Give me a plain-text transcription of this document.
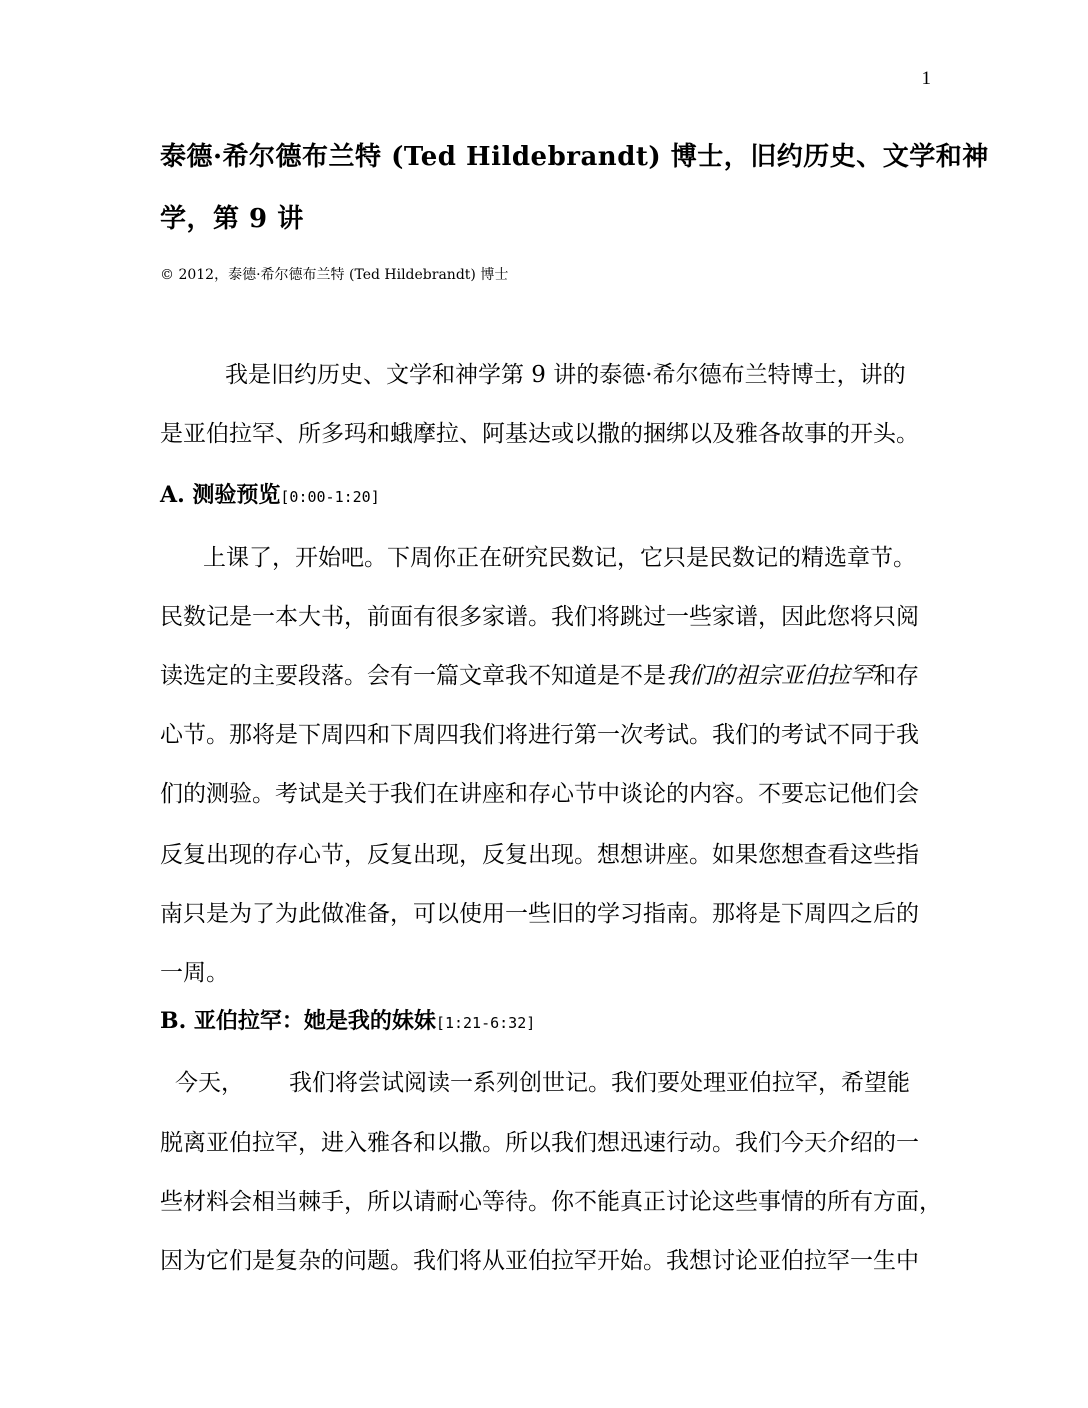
1
泰德·希尔德布兰特 (Ted Hildebrandt) 博士，旧约历史、文学和神
学，第 9 讲
© 2012，泰德·希尔德布兰特 (Ted Hildebrandt) 博士
我是旧约历史、文学和神学第 9 讲的泰德·希尔德布兰特博士，讲的
是亚伯拉罕、所多玛和蛾摩拉、阿基达或以撒的捆绑以及雅各故事的开头。
A. 测验预览[0:00-1:20]
上课了，开始吧。下周你正在研究民数记，它只是民数记的精选章节。
民数记是一本大书，前面有很多家谱。我们将跳过一些家谱，因此您将只阅
读选定的主要段落。会有一篇文章我不知道是不是我们的祖宗亚伯拉罕和存
心节。那将是下周四和下周四我们将进行第一次考试。我们的考试不同于我
们的测验。考试是关于我们在讲座和存心节中谈论的内容。不要忘记他们会
反复出现的存心节，反复出现，反复出现。想想讲座。如果您想查看这些指
南只是为了为此做准备，可以使用一些旧的学习指南。那将是下周四之后的
一周。
B. 亚伯拉罕：她是我的妹妹[1:21-6:32]
今天， 我们将尝试阅读一系列创世记。我们要处理亚伯拉罕，希望能
脱离亚伯拉罕，进入雅各和以撒。所以我们想迅速行动。我们今天介绍的一
些材料会相当棘手，所以请耐心等待。你不能真正讨论这些事情的所有方面，
因为它们是复杂的问题。我们将从亚伯拉罕开始。我想讨论亚伯拉罕一生中
